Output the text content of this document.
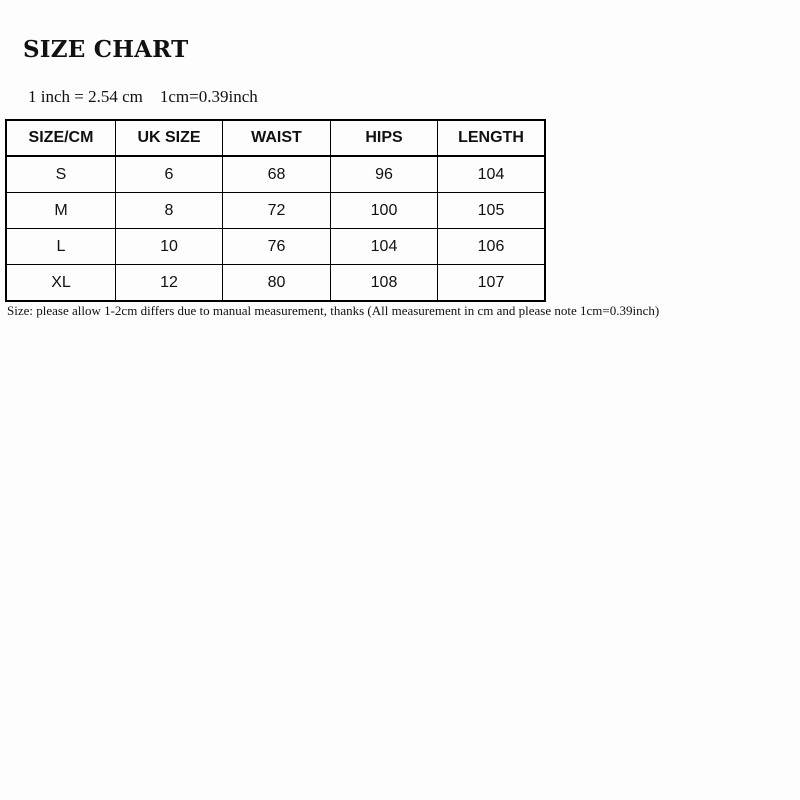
SIZE CHART
1 inch = 2.54 cm    1cm=0.39inch
SIZE/CM	UK SIZE	WAIST	HIPS	LENGTH
S	6	68	96	104
M	8	72	100	105
L	10	76	104	106
XL	12	80	108	107
Size: please allow 1-2cm differs due to manual measurement, thanks (All measurement in cm and please note 1cm=0.39inch)
